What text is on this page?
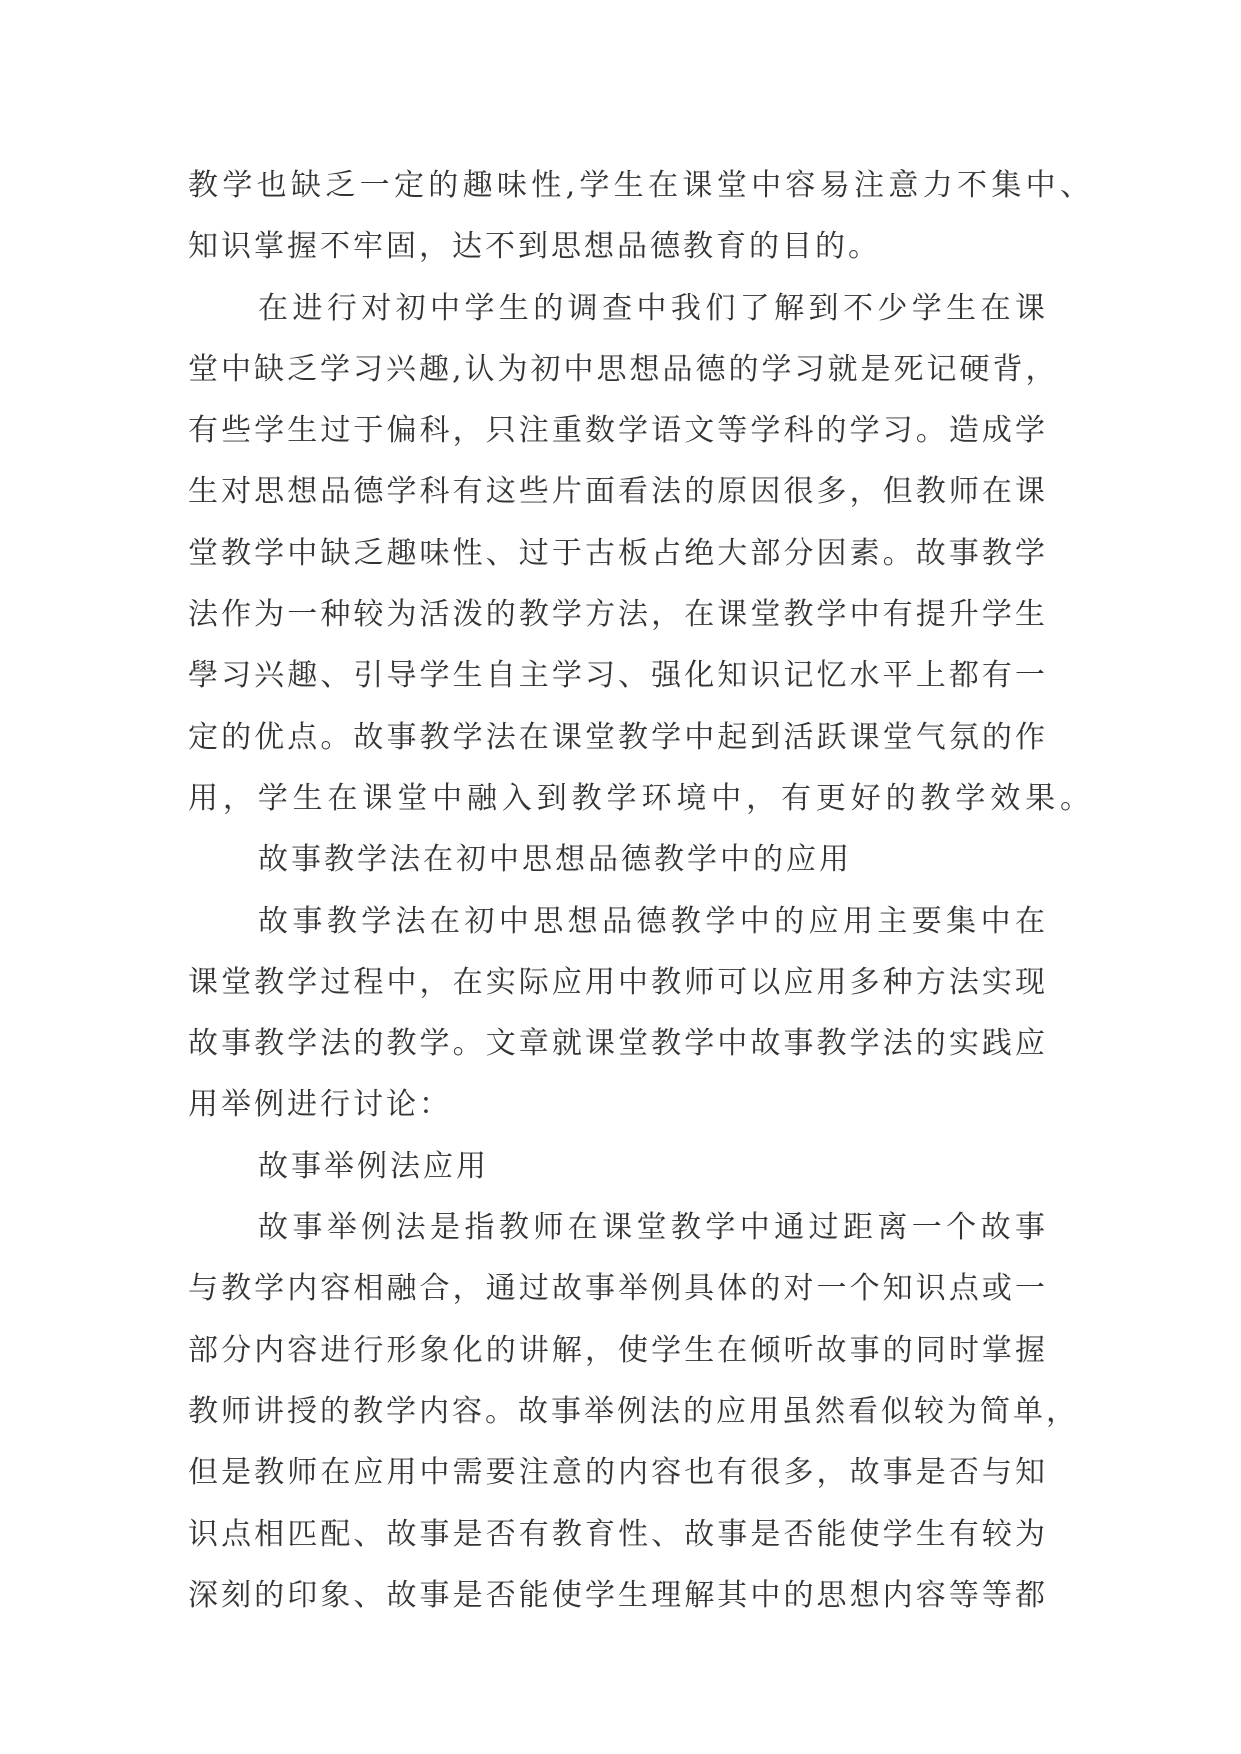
教学也缺乏一定的趣味性,学生在课堂中容易注意力不集中、
知识掌握不牢固，达不到思想品德教育的目的。
在进行对初中学生的调查中我们了解到不少学生在课
堂中缺乏学习兴趣,认为初中思想品德的学习就是死记硬背，
有些学生过于偏科，只注重数学语文等学科的学习。造成学
生对思想品德学科有这些片面看法的原因很多，但教师在课
堂教学中缺乏趣味性、过于古板占绝大部分因素。故事教学
法作为一种较为活泼的教学方法，在课堂教学中有提升学生
學习兴趣、引导学生自主学习、强化知识记忆水平上都有一
定的优点。故事教学法在课堂教学中起到活跃课堂气氛的作
用，学生在课堂中融入到教学环境中，有更好的教学效果。
故事教学法在初中思想品德教学中的应用
故事教学法在初中思想品德教学中的应用主要集中在
课堂教学过程中，在实际应用中教师可以应用多种方法实现
故事教学法的教学。文章就课堂教学中故事教学法的实践应
用举例进行讨论：
故事举例法应用
故事举例法是指教师在课堂教学中通过距离一个故事
与教学内容相融合，通过故事举例具体的对一个知识点或一
部分内容进行形象化的讲解，使学生在倾听故事的同时掌握
教师讲授的教学内容。故事举例法的应用虽然看似较为简单，
但是教师在应用中需要注意的内容也有很多，故事是否与知
识点相匹配、故事是否有教育性、故事是否能使学生有较为
深刻的印象、故事是否能使学生理解其中的思想内容等等都
